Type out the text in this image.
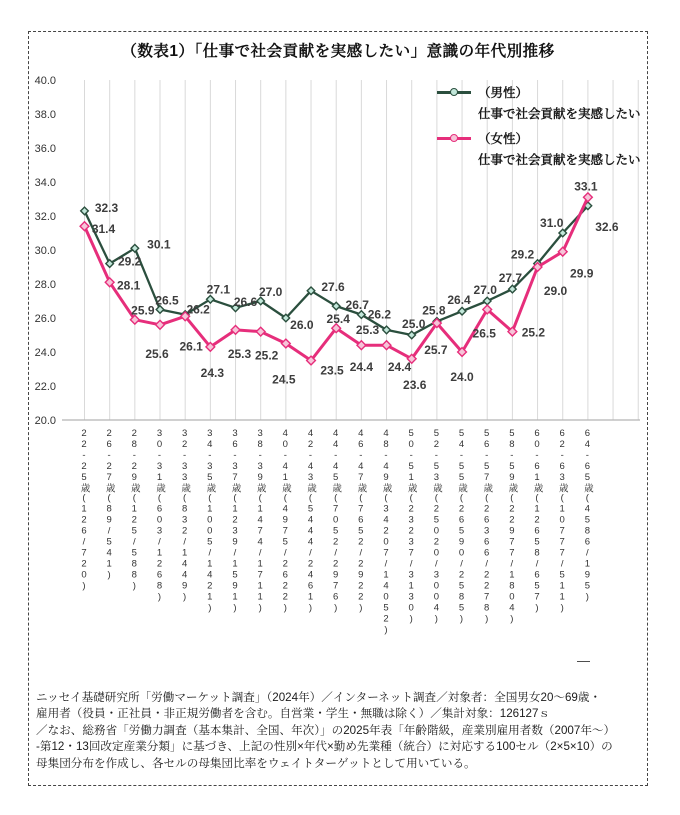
（数表1）「仕事で社会貢献を実感したい」意識の年代別推移
40.0
38.0
36.0
34.0
32.0
30.0
28.0
26.0
24.0
22.0
20.0
32.3
29.2
30.1
26.5
26.2
27.1
26.6
27.0
26.0
27.6
26.7
26.2
25.3 25.0
25.8
26.4
27.0
27.7
29.2
31.0	32.6
31.4
28.1
25.9
25.6
26.1
24.3
25.3 25.2
24.5
23.5
25.4
24.4 24.4
23.6
25.7
24.0
26.5 25.2
29.0
29.9
33.1
22-25歳(126/720) 26-27歳(89/541) 28-29歳(125/588) 30-31歳(603/1268) 32-33歳(832/1449) 34-35歳(1005/1421) 36-37歳(1239/1591) 38-39歳(1474/1711) 40-41歳(4975/2622) 42-43歳(5444/2461) 44-45歳(7052/2976) 46-47歳(7652/2922) 48-49歳(34207/14052) 50-51歳(23237/3130) 52-53歳(25020/3004) 54-55歳(26590/2585) 56-57歳(26366/2278) 58-59歳(22977/1804) 60-61歳(12658/657) 62-63歳(10777/511) 64-65歳(4586/195)
（男性）
仕事で社会貢献を実感したい
（女性）
仕事で社会貢献を実感したい
―
ニッセイ基礎研究所「労働マーケット調査」（2024年）／インターネット調査／対象者：全国男女20～69歳・
雇用者（役員・正社員・非正規労働者を含む。自営業・学生・無職は除く）／集計対象：126127ｓ
／なお、総務省「労働力調査（基本集計、全国、年次）」の2025年表「年齢階級，産業別雇用者数（2007年～）
-第12・13回改定産業分類」に基づき、上記の性別×年代×勤め先業種（統合）に対応する100セル（2×5×10）の
母集団分布を作成し、各セルの母集団比率をウェイトターゲットとして用いている。
